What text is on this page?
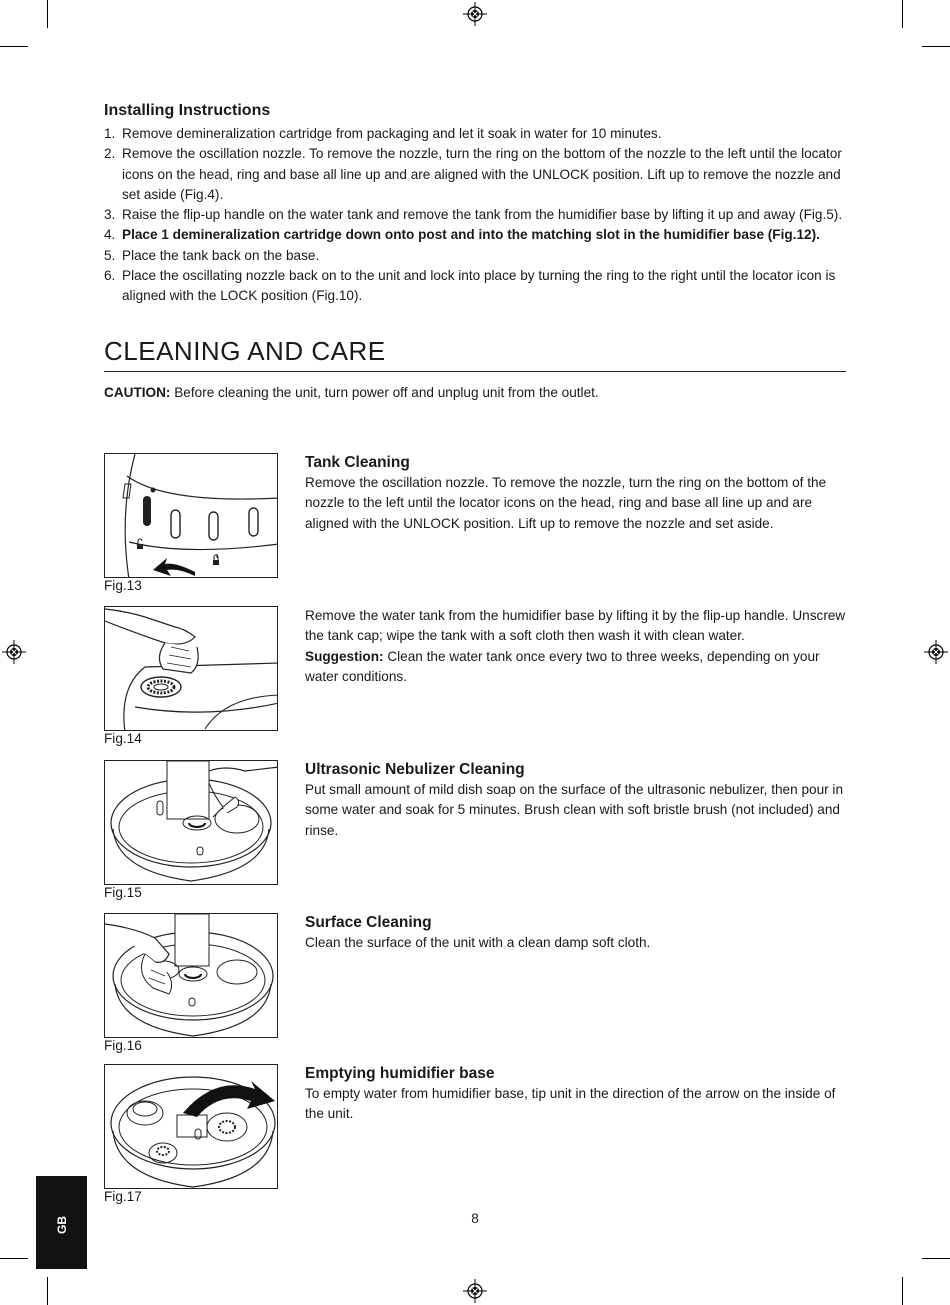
Installing Instructions
1. Remove demineralization cartridge from packaging and let it soak in water for 10 minutes.
2. Remove the oscillation nozzle. To remove the nozzle, turn the ring on the bottom of the nozzle to the left until the locator icons on the head, ring and base all line up and are aligned with the UNLOCK position. Lift up to remove the nozzle and set aside (Fig.4).
3. Raise the flip-up handle on the water tank and remove the tank from the humidifier base by lifting it up and away (Fig.5).
4. Place 1 demineralization cartridge down onto post and into the matching slot in the humidifier base (Fig.12).
5. Place the tank back on the base.
6. Place the oscillating nozzle back on to the unit and lock into place by turning the ring to the right until the locator icon is aligned with the LOCK position (Fig.10).
CLEANING AND CARE

CAUTION: Before cleaning the unit, turn power off and unplug unit from the outlet.

Fig.13
Tank Cleaning

Remove the oscillation nozzle. To remove the nozzle, turn the ring on the bottom of the nozzle to the left until the locator icons on the head, ring and base all line up and are aligned with the UNLOCK position. Lift up to remove the nozzle and set aside.

Fig.14

Remove the water tank from the humidifier base by lifting it by the flip-up handle. Unscrew the tank cap; wipe the tank with a soft cloth then wash it with clean water.

Suggestion: Clean the water tank once every two to three weeks, depending on your water conditions.

Fig.15
Ultrasonic Nebulizer Cleaning

Put small amount of mild dish soap on the surface of the ultrasonic nebulizer, then pour in some water and soak for 5 minutes. Brush clean with soft bristle brush (not included) and rinse.

Fig.16
Surface Cleaning

Clean the surface of the unit with a clean damp soft cloth.

Fig.17
Emptying humidifier base

To empty water from humidifier base, tip unit in the direction of the arrow on the inside of the unit.

GB	8
